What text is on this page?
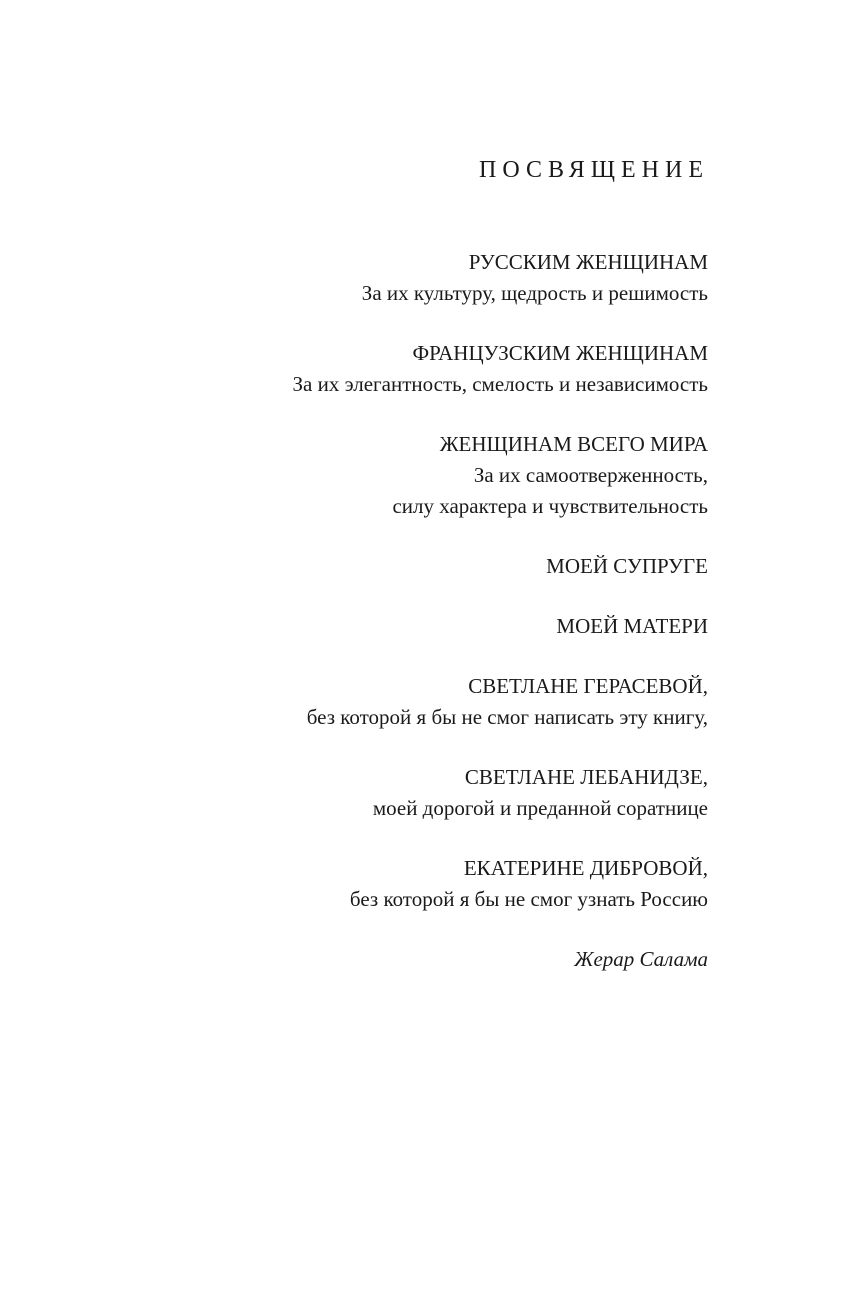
ПОСВЯЩЕНИЕ
РУССКИМ ЖЕНЩИНАМ
За их культуру, щедрость и решимость
ФРАНЦУЗСКИМ ЖЕНЩИНАМ
За их элегантность, смелость и независимость
ЖЕНЩИНАМ ВСЕГО МИРА
За их самоотверженность,
силу характера и чувствительность
МОЕЙ СУПРУГЕ
МОЕЙ МАТЕРИ
СВЕТЛАНЕ ГЕРАСЕВОЙ,
без которой я бы не смог написать эту книгу,
СВЕТЛАНЕ ЛЕБАНИДЗЕ,
моей дорогой и преданной соратнице
ЕКАТЕРИНЕ ДИБРОВОЙ,
без которой я бы не смог узнать Россию
Жерар Салама
